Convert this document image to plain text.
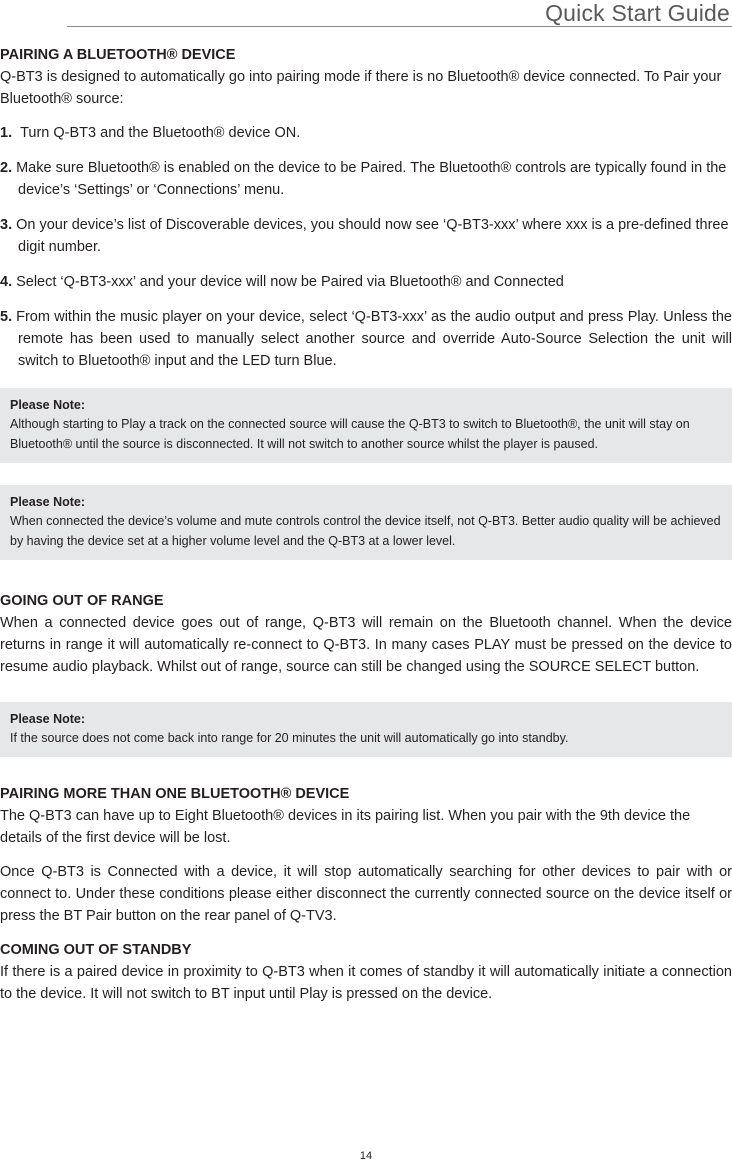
Quick Start Guide
PAIRING A BLUETOOTH® DEVICE

Q-BT3 is designed to automatically go into pairing mode if there is no Bluetooth® device connected. To Pair your Bluetooth® source:

1. Turn Q-BT3 and the Bluetooth® device ON.
2. Make sure Bluetooth® is enabled on the device to be Paired. The Bluetooth® controls are typically found in the device’s ‘Settings’ or ‘Connections’ menu.
3. On your device’s list of Discoverable devices, you should now see ‘Q-BT3-xxx’ where xxx is a pre-defined three digit number.
4. Select ‘Q-BT3-xxx’ and your device will now be Paired via Bluetooth® and Connected
5. From within the music player on your device, select ‘Q-BT3-xxx’ as the audio output and press Play. Unless the remote has been used to manually select another source and override Auto-Source Selection the unit will switch to Bluetooth® input and the LED turn Blue.
Please Note:
Although starting to Play a track on the connected source will cause the Q-BT3 to switch to Bluetooth®, the unit will stay on Bluetooth® until the source is disconnected. It will not switch to another source whilst the player is paused.
Please Note:
When connected the device’s volume and mute controls control the device itself, not Q-BT3. Better audio quality will be achieved by having the device set at a higher volume level and the Q-BT3 at a lower level.
GOING OUT OF RANGE

When a connected device goes out of range, Q-BT3 will remain on the Bluetooth channel. When the device returns in range it will automatically re-connect to Q-BT3. In many cases PLAY must be pressed on the device to resume audio playback. Whilst out of range, source can still be changed using the SOURCE SELECT button.

Please Note:
If the source does not come back into range for 20 minutes the unit will automatically go into standby.
PAIRING MORE THAN ONE BLUETOOTH® DEVICE

The Q-BT3 can have up to Eight Bluetooth® devices in its pairing list. When you pair with the 9th device the details of the first device will be lost.

Once Q-BT3 is Connected with a device, it will stop automatically searching for other devices to pair with or connect to. Under these conditions please either disconnect the currently connected source on the device itself or press the BT Pair button on the rear panel of Q-TV3.

COMING OUT OF STANDBY

If there is a paired device in proximity to Q-BT3 when it comes of standby it will automatically initiate a connection to the device. It will not switch to BT input until Play is pressed on the device.

14
